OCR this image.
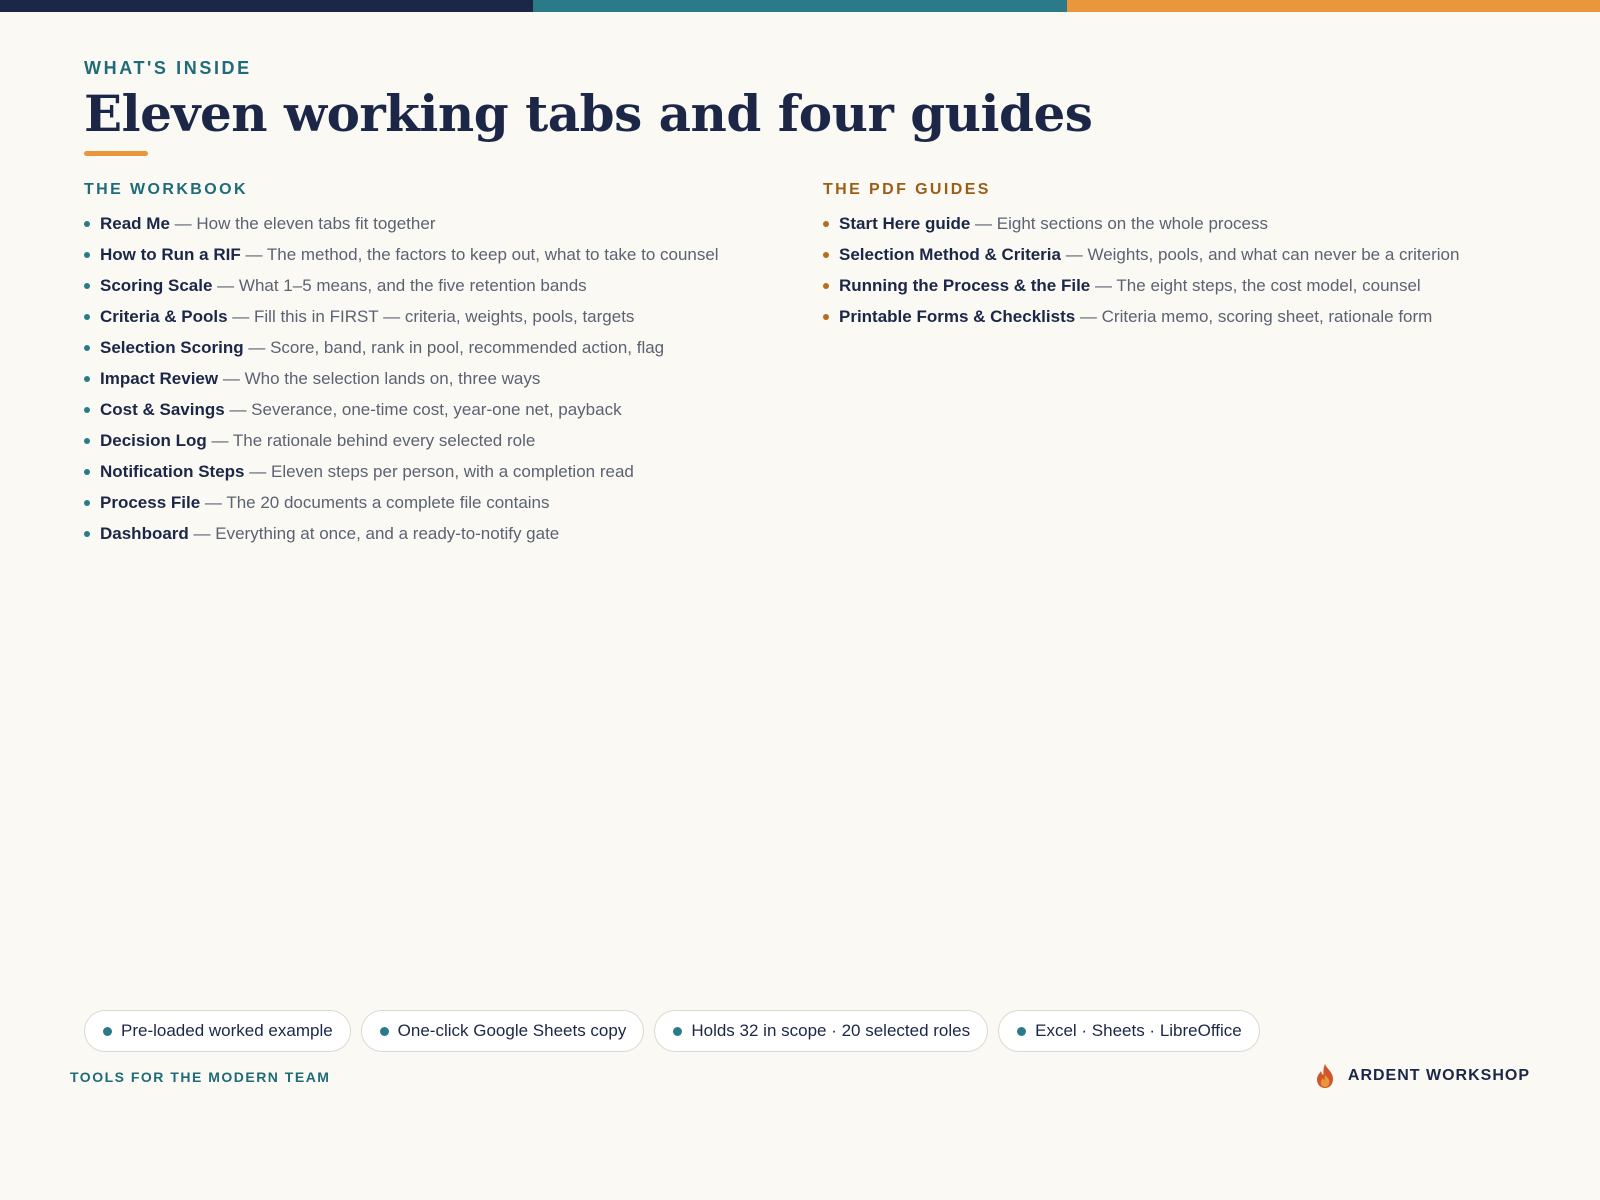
WHAT'S INSIDE
Eleven working tabs and four guides
THE WORKBOOK
Read Me — How the eleven tabs fit together
How to Run a RIF — The method, the factors to keep out, what to take to counsel
Scoring Scale — What 1–5 means, and the five retention bands
Criteria & Pools — Fill this in FIRST — criteria, weights, pools, targets
Selection Scoring — Score, band, rank in pool, recommended action, flag
Impact Review — Who the selection lands on, three ways
Cost & Savings — Severance, one-time cost, year-one net, payback
Decision Log — The rationale behind every selected role
Notification Steps — Eleven steps per person, with a completion read
Process File — The 20 documents a complete file contains
Dashboard — Everything at once, and a ready-to-notify gate
THE PDF GUIDES
Start Here guide — Eight sections on the whole process
Selection Method & Criteria — Weights, pools, and what can never be a criterion
Running the Process & the File — The eight steps, the cost model, counsel
Printable Forms & Checklists — Criteria memo, scoring sheet, rationale form
Pre-loaded worked example	One-click Google Sheets copy	Holds 32 in scope · 20 selected roles	Excel · Sheets · LibreOffice
TOOLS FOR THE MODERN TEAM	ARDENT WORKSHOP
